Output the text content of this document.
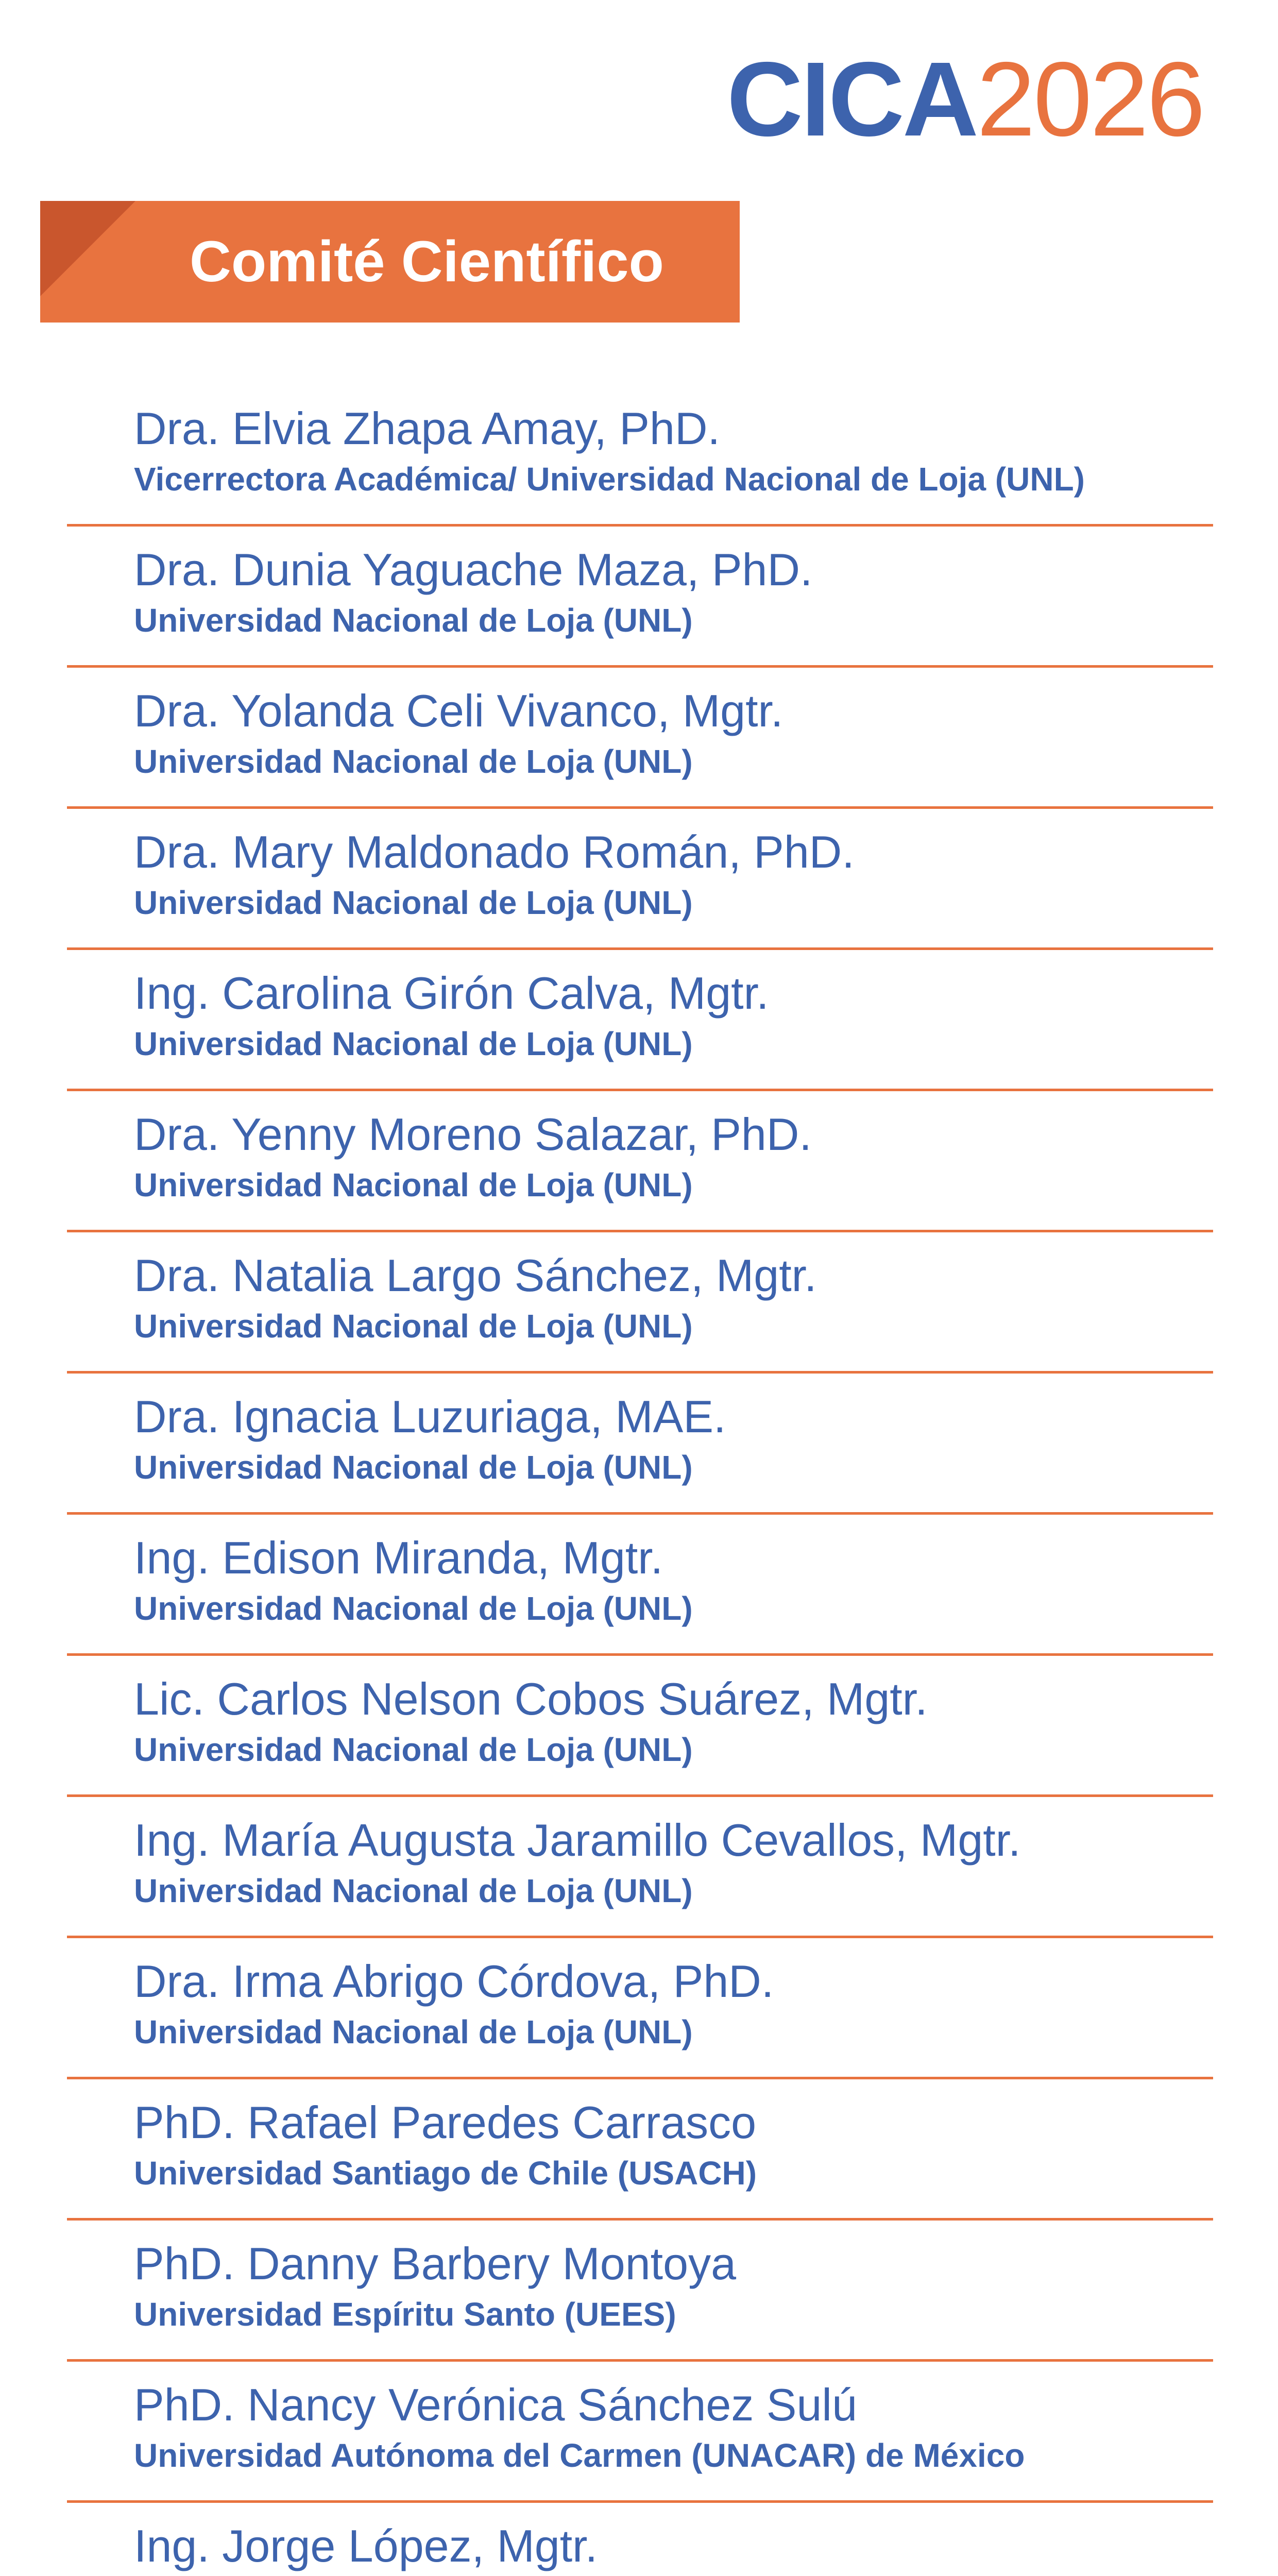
CICA2026
Comité Científico
Dra. Elvia Zhapa Amay, PhD.
Vicerrectora Académica/ Universidad Nacional de Loja (UNL)
Dra. Dunia Yaguache Maza, PhD.
Universidad Nacional de Loja (UNL)
Dra. Yolanda Celi Vivanco, Mgtr.
Universidad Nacional de Loja (UNL)
Dra. Mary Maldonado Román, PhD.
Universidad Nacional de Loja (UNL)
Ing. Carolina Girón Calva, Mgtr.
Universidad Nacional de Loja (UNL)
Dra. Yenny Moreno Salazar, PhD.
Universidad Nacional de Loja (UNL)
Dra. Natalia Largo Sánchez, Mgtr.
Universidad Nacional de Loja (UNL)
Dra. Ignacia Luzuriaga, MAE.
Universidad Nacional de Loja (UNL)
Ing. Edison Miranda, Mgtr.
Universidad Nacional de Loja (UNL)
Lic. Carlos Nelson Cobos Suárez, Mgtr.
Universidad Nacional de Loja (UNL)
Ing. María Augusta Jaramillo Cevallos, Mgtr.
Universidad Nacional de Loja (UNL)
Dra. Irma Abrigo Córdova, PhD.
Universidad Nacional de Loja (UNL)
PhD. Rafael Paredes Carrasco
Universidad Santiago de Chile (USACH)
PhD. Danny Barbery Montoya
Universidad Espíritu Santo (UEES)
PhD. Nancy Verónica Sánchez Sulú
Universidad Autónoma del Carmen (UNACAR) de México
Ing. Jorge López, Mgtr.
